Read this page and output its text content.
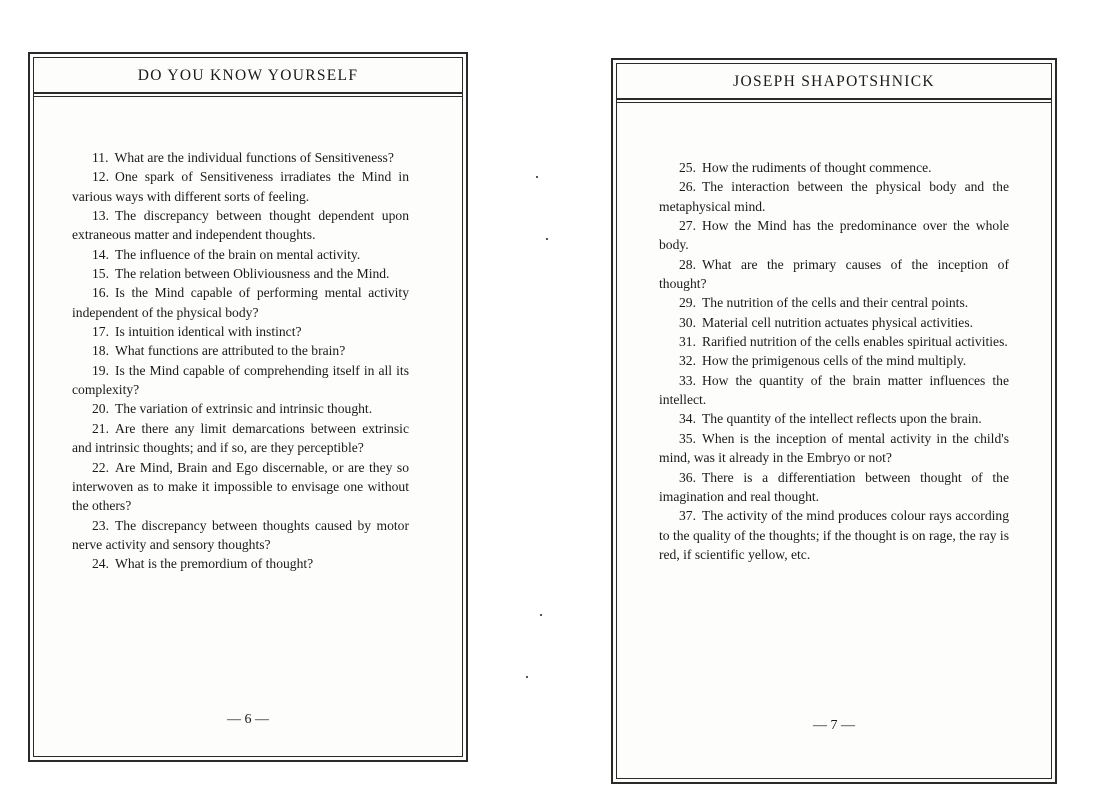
DO YOU KNOW YOURSELF

11. What are the individual functions of Sensitiveness?

12. One spark of Sensitiveness irradiates the Mind in various ways with different sorts of feeling.

13. The discrepancy between thought dependent upon extraneous matter and independent thoughts.

14. The influence of the brain on mental activity.

15. The relation between Obliviousness and the Mind.

16. Is the Mind capable of performing mental activity independent of the physical body?

17. Is intuition identical with instinct?

18. What functions are attributed to the brain?

19. Is the Mind capable of comprehending itself in all its complexity?

20. The variation of extrinsic and intrinsic thought.

21. Are there any limit demarcations between extrinsic and intrinsic thoughts; and if so, are they perceptible?

22. Are Mind, Brain and Ego discernable, or are they so interwoven as to make it impossible to envisage one without the others?

23. The discrepancy between thoughts caused by motor nerve activity and sensory thoughts?

24. What is the premordium of thought?

— 6 —
JOSEPH SHAPOTSHNICK

25. How the rudiments of thought commence.

26. The interaction between the physical body and the metaphysical mind.

27. How the Mind has the predominance over the whole body.

28. What are the primary causes of the inception of thought?

29. The nutrition of the cells and their central points.

30. Material cell nutrition actuates physical activities.

31. Rarified nutrition of the cells enables spiritual activities.

32. How the primigenous cells of the mind multiply.

33. How the quantity of the brain matter influences the intellect.

34. The quantity of the intellect reflects upon the brain.

35. When is the inception of mental activity in the child's mind, was it already in the Embryo or not?

36. There is a differentiation between thought of the imagination and real thought.

37. The activity of the mind produces colour rays according to the quality of the thoughts; if the thought is on rage, the ray is red, if scientific yellow, etc.

— 7 —
